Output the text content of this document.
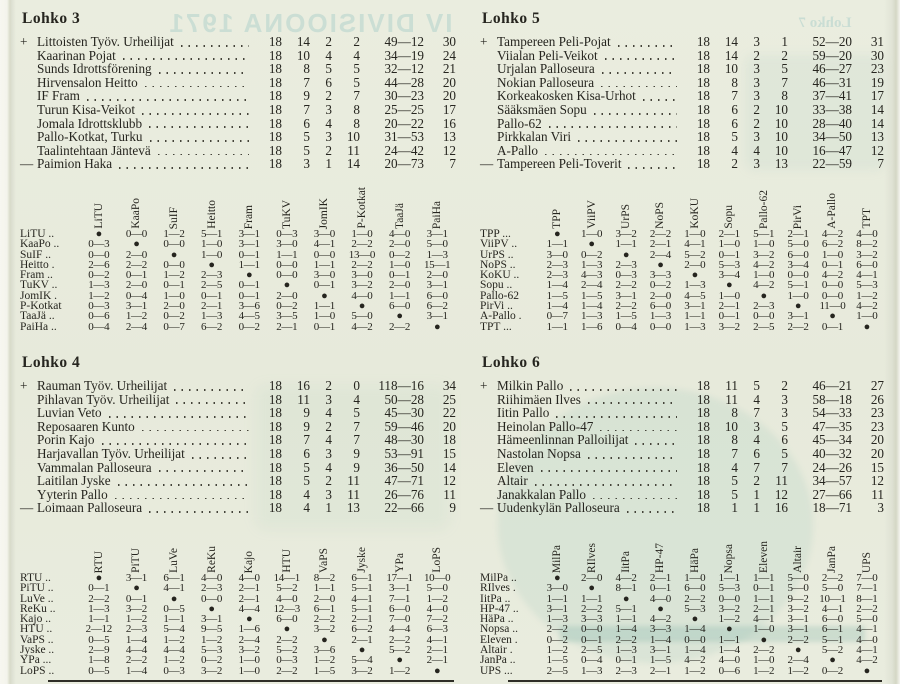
IV DIVISIOONA 1971	Lohko 7
Lohko 3
+ Littoisten Työv. Urheilijat	18	14	2	2	49—12	30
Kaarinan Pojat	18	10	4	4	34—19	24
Sunds Idrottsförening	18	8	5	5	32—12	21
Hirvensalon Heitto	18	7	6	5	44—28	20
IF Fram	18	9	2	7	30—23	20
Turun Kisa-Veikot	18	7	3	8	25—25	17
Jomala Idrottsklubb	18	6	4	8	20—22	16
Pallo-Kotkat, Turku	18	5	3	10	31—53	13
Taalintehtaan Jäntevä	18	5	2	11	24—42	12
— Paimion Haka	18	3	1	14	20—73	7
LiTU KaaPo SuIF Heitto Fram TuKV JomIK P-Kotkat TaaJä PaiHa
LiTU ..	●	0—0	1—2	5—1	3—1	0—3	3—0	1—0	4—0	3—1
KaaPo ..	0—3	●	0—0	1—0	3—1	3—0	4—1	2—2	2—0	5—0
SuIF ..	0—0	2—0	●	1—0	0—1	1—1	0—0	13—0	0—2	1—3
Heitto .	2—6	2—2	0—0	●	1—1	0—0	1—1	2—2	1—0	15—1
Fram ..	0—2	0—1	1—2	2—3	●	0—0	3—0	3—0	0—1	2—0
TuKV ..	1—3	2—0	0—1	2—5	0—1	●	0—1	3—2	2—0	3—1
JomIK .	1—2	0—4	1—0	0—1	0—1	2—0	●	4—0	1—1	6—0
P-Kotkat	0—3	3—1	2—0	2—1	3—6	0—2	1—1	●	6—0	6—2
TaaJä ..	0—6	1—2	0—2	1—3	4—5	3—5	1—0	5—0	●	3—1
PaiHa ..	0—4	2—4	0—7	6—2	0—2	2—1	0—1	4—2	2—2	●
Lohko 4
+ Rauman Työv. Urheilijat	18	16	2	0	118—16	34
Pihlavan Työv. Urheilijat	18	11	3	4	50—28	25
Luvian Veto	18	9	4	5	45—30	22
Reposaaren Kunto	18	9	2	7	59—46	20
Porin Kajo	18	7	4	7	48—30	18
Harjavallan Työv. Urheilijat	18	6	3	9	53—91	15
Vammalan Palloseura	18	5	4	9	36—50	14
Laitilan Jyske	18	5	2	11	47—71	12
Yyterin Pallo	18	4	3	11	26—76	11
— Loimaan Palloseura	18	4	1	13	22—66	9
RTU PiTU LuVe ReKu Kajo HTU VaPS Jyske YPa LoPS
RTU ..	●	3—1	6—1	4—0	4—0	14—1	8—2	6—1	17—1	10—0
PiTU ..	0—1	●	4—1	2—3	2—1	5—2	1—1	5—1	3—1	5—0
LuVe ..	2—2	0—1	●	0—0	2—1	4—0	2—0	4—1	7—1	1—2
ReKu ..	1—3	3—2	0—5	●	4—4	12—3	6—1	5—1	6—0	4—0
Kajo ..	1—1	1—2	1—1	3—1	●	6—0	2—2	2—1	7—0	7—2
HTU ..	2—12	2—3	5—4	9—5	1—6	●	3—2	6—2	4—4	6—3
VaPS ..	0—5	1—4	1—2	1—2	2—4	2—2	●	2—1	2—2	4—1
Jyske ..	2—9	4—4	4—4	5—3	3—2	5—2	3—6	●	5—2	2—1
YPa ...	1—8	2—2	1—2	0—2	1—0	0—3	1—2	5—4	●	2—1
LoPS ..	0—5	1—4	0—3	3—2	1—0	2—2	1—5	3—2	1—2	●
Lohko 5
+ Tampereen Peli-Pojat	18	14	3	1	52—20	31
Viialan Peli-Veikot	18	14	2	2	59—20	30
Urjalan Palloseura	18	10	3	5	46—27	23
Nokian Palloseura	18	8	3	7	46—31	19
Korkeakosken Kisa-Urhot	18	7	3	8	37—41	17
Sääksmäen Sopu	18	6	2	10	33—38	14
Pallo-62	18	6	2	10	28—40	14
Pirkkalan Viri	18	5	3	10	34—50	13
A-Pallo	18	4	4	10	16—47	12
— Tampereen Peli-Toverit	18	2	3	13	22—59	7
TPP ViiPV UrPS NoPS KoKU Sopu Pallo-62 PirVi A-Pallo TPT
TPP ...	●	1—0	3—2	2—2	1—0	2—1	5—1	2—1	4—2	4—0
ViiPV ..	1—1	●	1—1	2—1	4—1	1—0	1—0	5—0	6—2	8—2
UrPS ..	3—0	0—2	●	2—4	5—2	0—1	3—2	6—0	1—0	3—2
NoPS ..	2—3	1—3	2—3	●	2—0	5—3	4—2	3—4	0—1	6—0
KoKU ..	2—3	4—3	0—3	3—3	●	3—4	1—0	0—0	4—2	4—1
Sopu ..	1—4	2—4	2—2	0—2	1—3	●	4—2	5—1	0—0	5—3
Pallo-62	1—5	1—5	3—1	2—0	4—5	1—0	●	1—0	0—0	1—2
PirVi ..	1—4	1—4	2—2	6—0	3—1	2—1	2—3	●	11—0 4—2
A-Pallo .	0—7	1—3	1—5	1—3	1—1	0—1	0—0	3—1	●	1—0
TPT ...	1—1	1—6	0—4	0—0	1—3	3—2	2—5	2—2	0—1	●
Lohko 6
+ Milkin Pallo	18	11	5	2	46—21	27
Riihimäen Ilves	18	11	4	3	58—18	26
Iitin Pallo	18	8	7	3	54—33	23
Heinolan Pallo-47	18	10	3	5	47—35	23
Hämeenlinnan Palloilijat	18	8	4	6	45—34	20
Nastolan Nopsa	18	7	6	5	40—32	20
Eleven	18	4	7	7	24—26	15
Altair	18	5	2	11	34—57	12
Janakkalan Pallo	18	5	1	12	27—66	11
— Uudenkylän Palloseura	18	1	1	16	18—71	3
MilPa RIlves IitPa HP-47 HäPa Nopsa Eleven Altair JanPa UPS
MilPa ..	●	2—0	4—2	2—1	1—0	1—1	1—1	5—0	2—2	7—0
RIlves .	3—0	●	8—1	0—1	6—0	5—3	0—1	5—0	5—0	7—1
IitPa ..	1—1	1—1	●	4—0	2—2	0—0	1—1	9—2 10—1 8—1
HP-47 ..	3—1	2—2	5—1	●	5—3	3—2	2—1	3—2	4—1	2—2
HäPa ..	1—3	3—3	1—1	4—2	●	1—2	4—1	3—1	6—0	5—0
Nopsa ..	2—2	0—0	1—4	3—3	1—4	●	1—0	3—1	6—1	4—1
Eleven .	0—2	0—1	2—2	1—4	0—0	1—1	●	2—2	5—1	4—0
Altair .	1—2	2—5	1—3	3—1	1—4	1—4	2—2	●	5—2	4—1
JanPa ..	1—5	0—4	0—1	1—5	4—2	4—0	1—0	2—4	●	4—2
UPS ...	2—5	1—3	2—3	2—1	1—2	0—6	1—2	1—2	0—2	●
